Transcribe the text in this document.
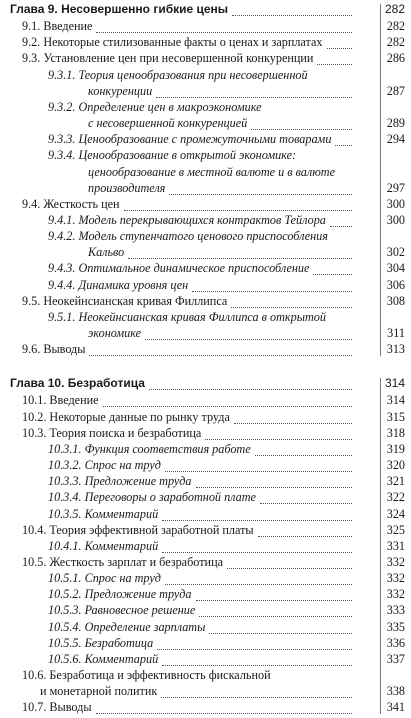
Глава 9. Несовершенно гибкие цены	282
9.1. Введение	282
9.2. Некоторые стилизованные факты о ценах и зарплатах	282
9.3. Установление цен при несовершенной конкуренции	286
9.3.1. Теория ценообразования при несовершенной
конкуренции	287
9.3.2. Определение цен в макроэкономике
с несовершенной конкуренцией	289
9.3.3. Ценообразование с промежуточными товарами	294
9.3.4. Ценообразование в открытой экономике:
ценообразование в местной валюте и в валюте
производителя	297
9.4. Жесткость цен	300
9.4.1. Модель перекрывающихся контрактов Тейлора	300
9.4.2. Модель ступенчатого ценового приспособления
Кальво	302
9.4.3. Оптимальное динамическое приспособление	304
9.4.4. Динамика уровня цен	306
9.5. Неокейнсианская кривая Филлипса	308
9.5.1. Неокейнсианская кривая Филлипса в открытой
экономике	311
9.6. Выводы	313
Глава 10. Безработица	314
10.1. Введение	314
10.2. Некоторые данные по рынку труда	315
10.3. Теория поиска и безработица	318
10.3.1. Функция соответствия работе	319
10.3.2. Спрос на труд	320
10.3.3. Предложение труда	321
10.3.4. Переговоры о заработной плате	322
10.3.5. Комментарий	324
10.4. Теория эффективной заработной платы	325
10.4.1. Комментарий	331
10.5. Жесткость зарплат и безработица	332
10.5.1. Спрос на труд	332
10.5.2. Предложение труда	332
10.5.3. Равновесное решение	333
10.5.4. Определение зарплаты	335
10.5.5. Безработица	336
10.5.6. Комментарий	337
10.6. Безработица и эффективность фискальной
и монетарной политик	338
10.7. Выводы	341
